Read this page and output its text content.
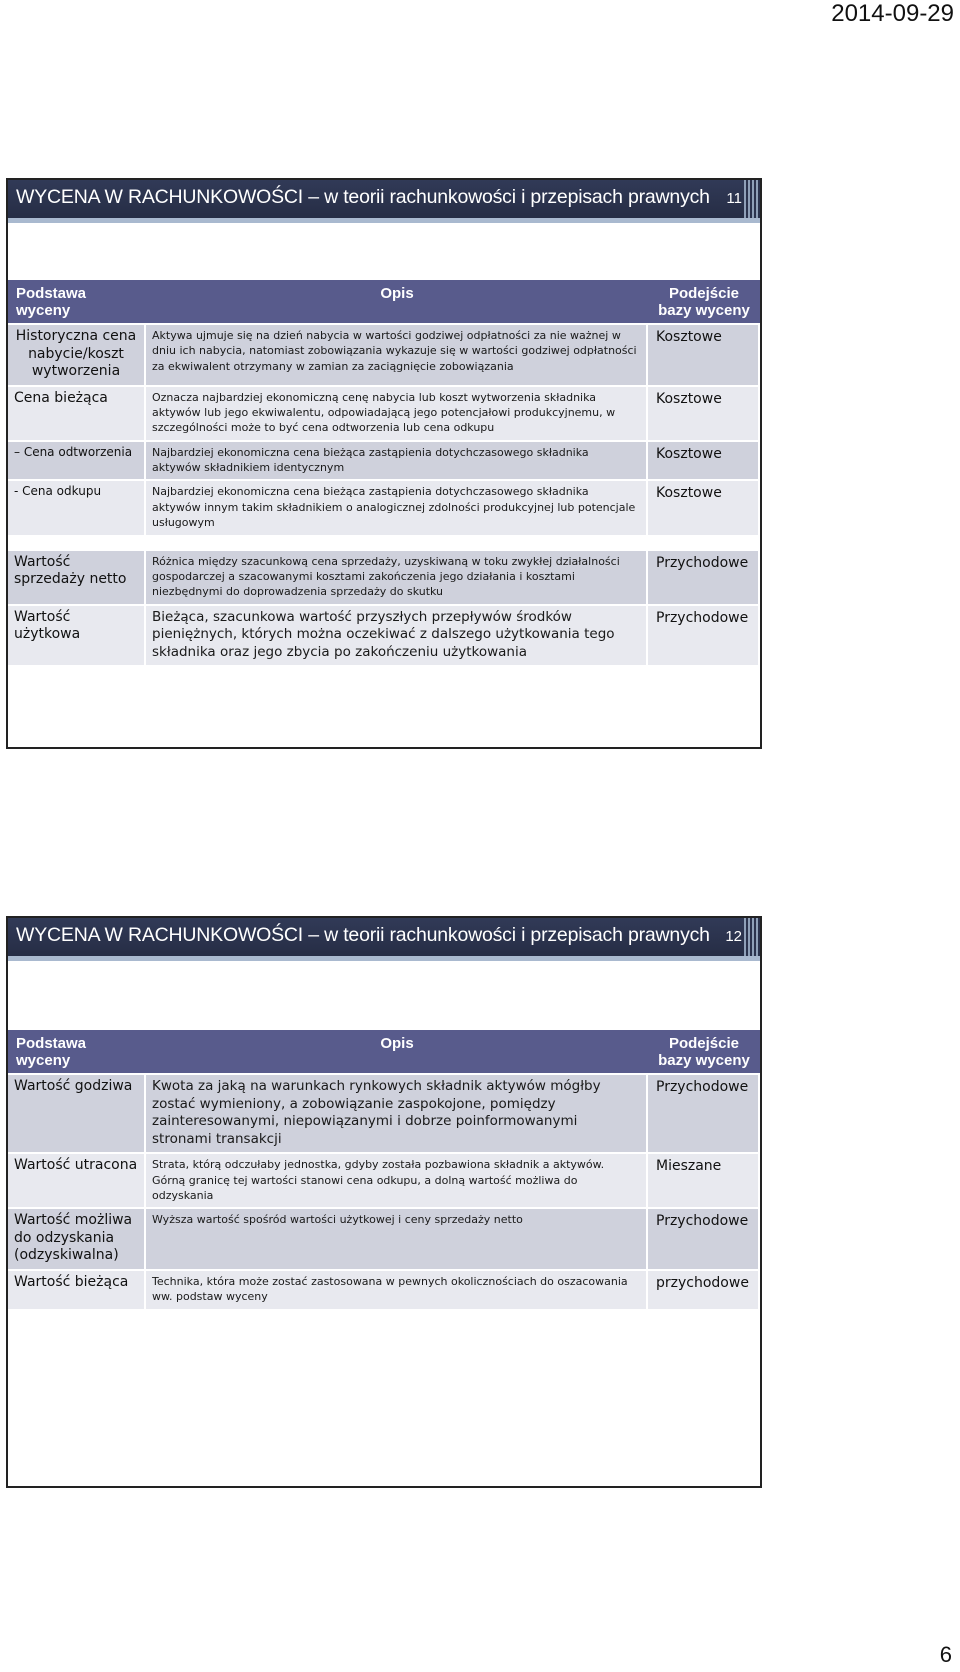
2014-09-29
WYCENA W RACHUNKOWOŚCI – w teorii rachunkowości i przepisach prawnych 11
Podstawa wyceny	Opis	Podejście bazy wyceny
Historyczna cena nabycie/koszt wytworzenia	Aktywa ujmuje się na dzień nabycia w wartości godziwej odpłatności za nie ważnej w dniu ich nabycia, natomiast zobowiązania wykazuje się w wartości godziwej odpłatności za ekwiwalent otrzymany w zamian za zaciągnięcie zobowiązania	Kosztowe
Cena bieżąca	Oznacza najbardziej ekonomiczną cenę nabycia lub koszt wytworzenia składnika aktywów lub jego ekwiwalentu, odpowiadającą jego potencjałowi produkcyjnemu, w szczególności może to być cena odtworzenia lub cena odkupu	Kosztowe
– Cena odtworzenia	Najbardziej ekonomiczna cena bieżąca zastąpienia dotychczasowego składnika aktywów składnikiem identycznym	Kosztowe
- Cena odkupu	Najbardziej ekonomiczna cena bieżąca zastąpienia dotychczasowego składnika aktywów innym takim składnikiem o analogicznej zdolności produkcyjnej lub potencjale usługowym	Kosztowe

Wartość sprzedaży netto	Różnica między szacunkową cena sprzedaży, uzyskiwaną w toku zwykłej działalności gospodarczej a szacowanymi kosztami zakończenia jego działania i kosztami niezbędnymi do doprowadzenia sprzedaży do skutku	Przychodowe
Wartość użytkowa	Bieżąca, szacunkowa wartość przyszłych przepływów środków pieniężnych, których można oczekiwać z dalszego użytkowania tego składnika oraz jego zbycia po zakończeniu użytkowania	Przychodowe
WYCENA W RACHUNKOWOŚCI – w teorii rachunkowości i przepisach prawnych 12
Podstawa wyceny	Opis	Podejście bazy wyceny
Wartość godziwa	Kwota za jaką na warunkach rynkowych składnik aktywów mógłby zostać wymieniony, a zobowiązanie zaspokojone, pomiędzy zainteresowanymi, niepowiązanymi i dobrze poinformowanymi stronami transakcji	Przychodowe
Wartość utracona	Strata, którą odczułaby jednostka, gdyby została pozbawiona składnik a aktywów. Górną granicę tej wartości stanowi cena odkupu, a dolną wartość możliwa do odzyskania	Mieszane
Wartość możliwa do odzyskania (odzyskiwalna)	Wyższa wartość spośród wartości użytkowej i ceny sprzedaży netto	Przychodowe
Wartość bieżąca	Technika, która może zostać zastosowana w pewnych okolicznościach do oszacowania ww. podstaw wyceny	przychodowe
6
